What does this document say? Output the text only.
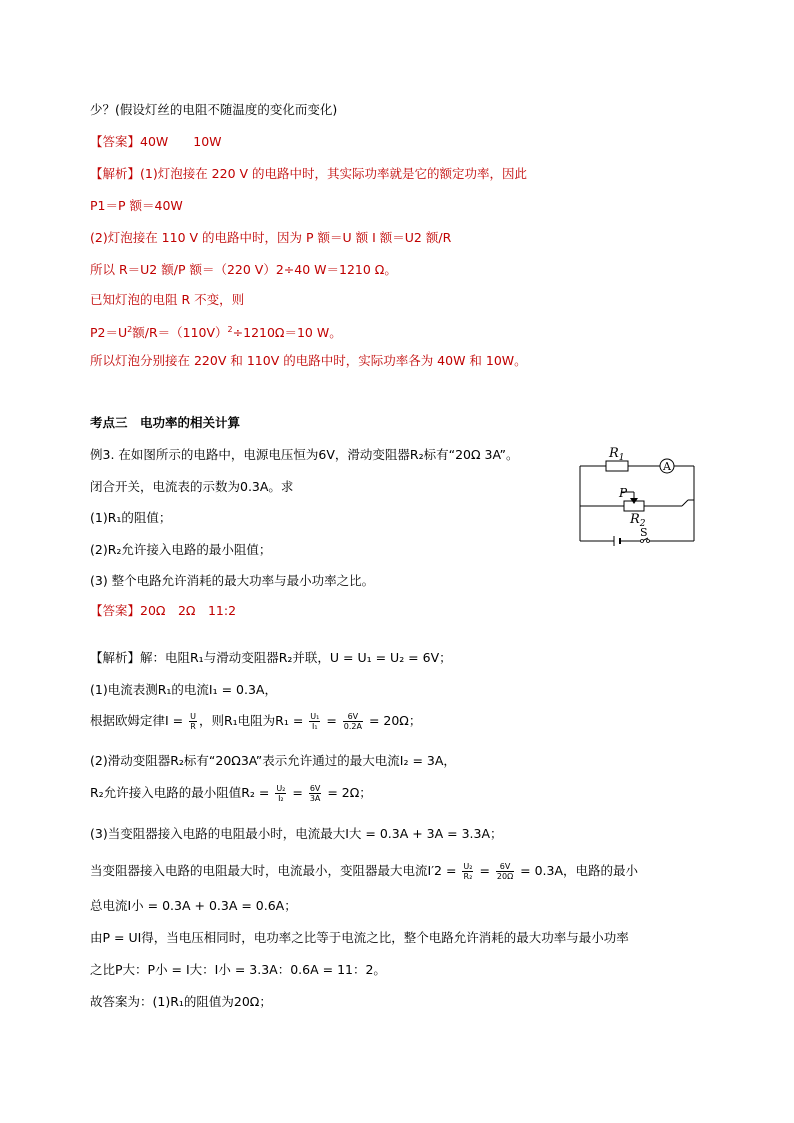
少？(假设灯丝的电阻不随温度的变化而变化)
【答案】40W　　10W
【解析】(1)灯泡接在 220 V 的电路中时，其实际功率就是它的额定功率，因此
P1＝P 额＝40W
(2)灯泡接在 110 V 的电路中时，因为 P 额＝U 额 I 额＝U2 额/R
所以 R＝U2 额/P 额＝（220 V）2÷40 W＝1210 Ω。
已知灯泡的电阻 R 不变，则
$P2=U^2$额$/R=(110V)^2\div 1210\Omega=10$ W。
所以灯泡分别接在 220V 和 110V 的电路中时，实际功率各为 40W 和 10W。
考点三　电功率的相关计算
例3. 在如图所示的电路中，电源电压恒为6V，滑动变阻器R₂标有“20Ω 3A”。
闭合开关，电流表的示数为0.3A。求
(1)R₁的阻值；
(2)R₂允许接入电路的最小阻值；
(3) 整个电路允许消耗的最大功率与最小功率之比。
【答案】20Ω　2Ω　11:2
【解析】解：电阻R₁与滑动变阻器R₂并联，U = U₁ = U₂ = 6V；
(1)电流表测R₁的电流I₁ = 0.3A，
根据欧姆定律$I = \frac{U}{R}$ ，则R₁电阻为$R_1 = \frac{\text{U₁}}{\text{I₁}} = \frac{6V}{0.2A} = 20\Omega$；
(2)滑动变阻器R₂标有“20Ω3A”表示允许通过的最大电流I₂ = 3A，
R₂允许接入电路的最小阻值$R_2 = \frac{\text{U₂}}{\text{I₂}} = \frac{6V}{3A} = 2\Omega$；
(3)当变阻器接入电路的电阻最小时，电流最大I大 = 0.3A + 3A = 3.3A；
当变阻器接入电路的电阻最大时，电流最小，变阻器最大电流$I'2 = \frac{\text{U₂}}{\text{R₂}} = \frac{6V}{20\Omega} = 0.3A$，电路的最小
总电流I小 = 0.3A + 0.3A = 0.6A；
由P = UI得，当电压相同时，电功率之比等于电流之比，整个电路允许消耗的最大功率与最小功率
之比P大：P小 = I大：I小 = 3.3A：0.6A = 11：2。
故答案为：(1)R₁的阻值为20Ω；
$R_1$
A
P
$R_2$
S
